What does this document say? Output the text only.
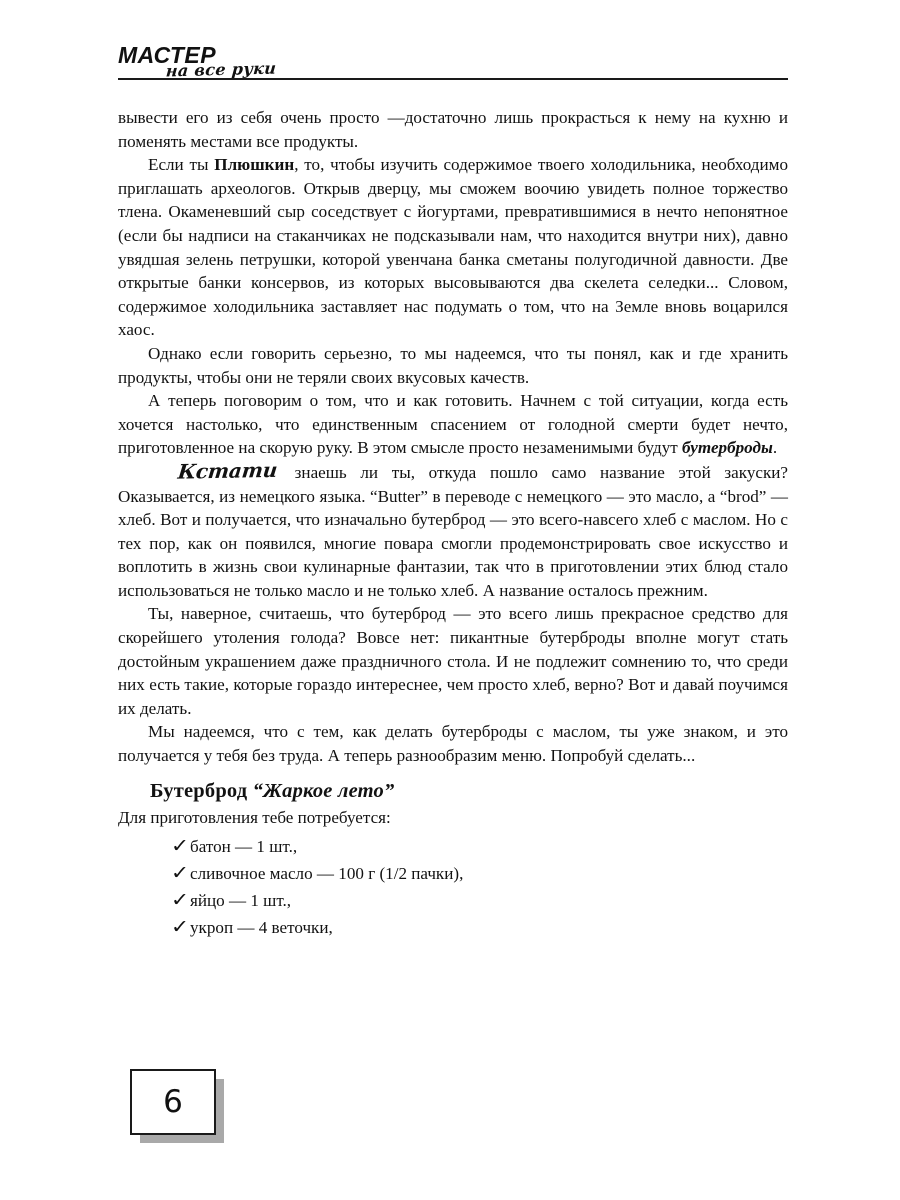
МАСТЕР
на все руки

вывести его из себя очень просто —достаточно лишь прокрасться к нему на кухню и поменять местами все продукты.

Если ты Плюшкин, то, чтобы изучить содержимое твоего холодильника, необходимо приглашать археологов. Открыв дверцу, мы сможем воочию увидеть полное торжество тлена. Окаменевший сыр соседствует с йогуртами, превратившимися в нечто непонятное (если бы надписи на стаканчиках не подсказывали нам, что находится внутри них), давно увядшая зелень петрушки, которой увенчана банка сметаны полугодичной давности. Две открытые банки консервов, из которых высовываются два скелета селедки... Словом, содержимое холодильника заставляет нас подумать о том, что на Земле вновь воцарился хаос.

Однако если говорить серьезно, то мы надеемся, что ты понял, как и где хранить продукты, чтобы они не теряли своих вкусовых качеств.

А теперь поговорим о том, что и как готовить. Начнем с той ситуации, когда есть хочется настолько, что единственным спасением от голодной смерти будет нечто, приготовленное на скорую руку. В этом смысле просто незаменимыми будут бутерброды.

Кстати знаешь ли ты, откуда пошло само название этой закуски? Оказывается, из немецкого языка. “Butter” в переводе с немецкого — это масло, а “brod” — хлеб. Вот и получается, что изначально бутерброд — это всего-навсего хлеб с маслом. Но с тех пор, как он появился, многие повара смогли продемонстрировать свое искусство и воплотить в жизнь свои кулинарные фантазии, так что в приготовлении этих блюд стало использоваться не только масло и не только хлеб. А название осталось прежним.

Ты, наверное, считаешь, что бутерброд — это всего лишь прекрасное средство для скорейшего утоления голода? Вовсе нет: пикантные бутерброды вполне могут стать достойным украшением даже праздничного стола. И не подлежит сомнению то, что среди них есть такие, которые гораздо интереснее, чем просто хлеб, верно? Вот и давай поучимся их делать.

Мы надеемся, что с тем, как делать бутерброды с маслом, ты уже знаком, и это получается у тебя без труда. А теперь разнообразим меню. Попробуй сделать...

Бутерброд “Жаркое лето”

Для приготовления тебе потребуется:

✓ батон — 1 шт.,
✓ сливочное масло — 100 г (1/2 пачки),
✓ яйцо — 1 шт.,
✓ укроп — 4 веточки,
6
